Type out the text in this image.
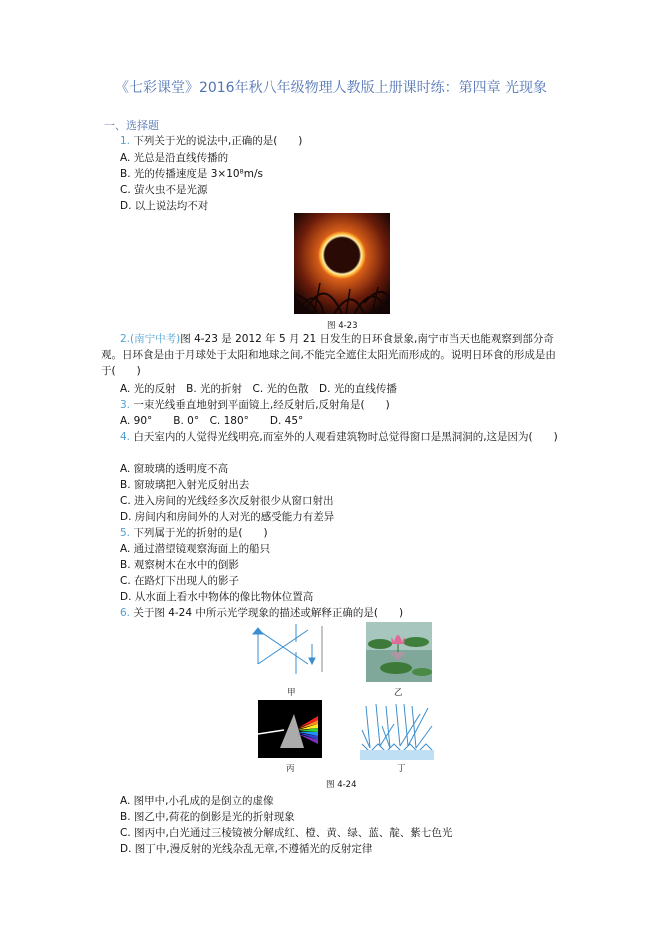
《七彩课堂》2016年秋八年级物理人教版上册课时练：第四章 光现象
一、选择题
1. 下列关于光的说法中,正确的是(　　)
A. 光总是沿直线传播的
B. 光的传播速度是 3×10⁸m/s
C. 萤火虫不是光源
D. 以上说法均不对
图 4-23
2.(南宁中考)图 4-23 是 2012 年 5 月 21 日发生的日环食景象,南宁市当天也能观察到部分奇观。日环食是由于月球处于太阳和地球之间,不能完全遮住太阳光而形成的。说明日环食的形成是由于(　　)
A. 光的反射　B. 光的折射　C. 光的色散　D. 光的直线传播
3. 一束光线垂直地射到平面镜上,经反射后,反射角是(　　)
A. 90°　　B. 0°　C. 180°　　D. 45°
4. 白天室内的人觉得光线明亮,而室外的人观看建筑物时总觉得窗口是黑洞洞的,这是因为(　　)
A. 窗玻璃的透明度不高
B. 窗玻璃把入射光反射出去
C. 进入房间的光线经多次反射很少从窗口射出
D. 房间内和房间外的人对光的感受能力有差异
5. 下列属于光的折射的是(　　)
A. 通过潜望镜观察海面上的船只
B. 观察树木在水中的倒影
C. 在路灯下出现人的影子
D. 从水面上看水中物体的像比物体位置高
6. 关于图 4-24 中所示光学现象的描述或解释正确的是(　　)
甲	乙
丙	丁
图 4-24
A. 图甲中,小孔成的是倒立的虚像
B. 图乙中,荷花的倒影是光的折射现象
C. 图丙中,白光通过三棱镜被分解成红、橙、黄、绿、蓝、靛、紫七色光
D. 图丁中,漫反射的光线杂乱无章,不遵循光的反射定律
